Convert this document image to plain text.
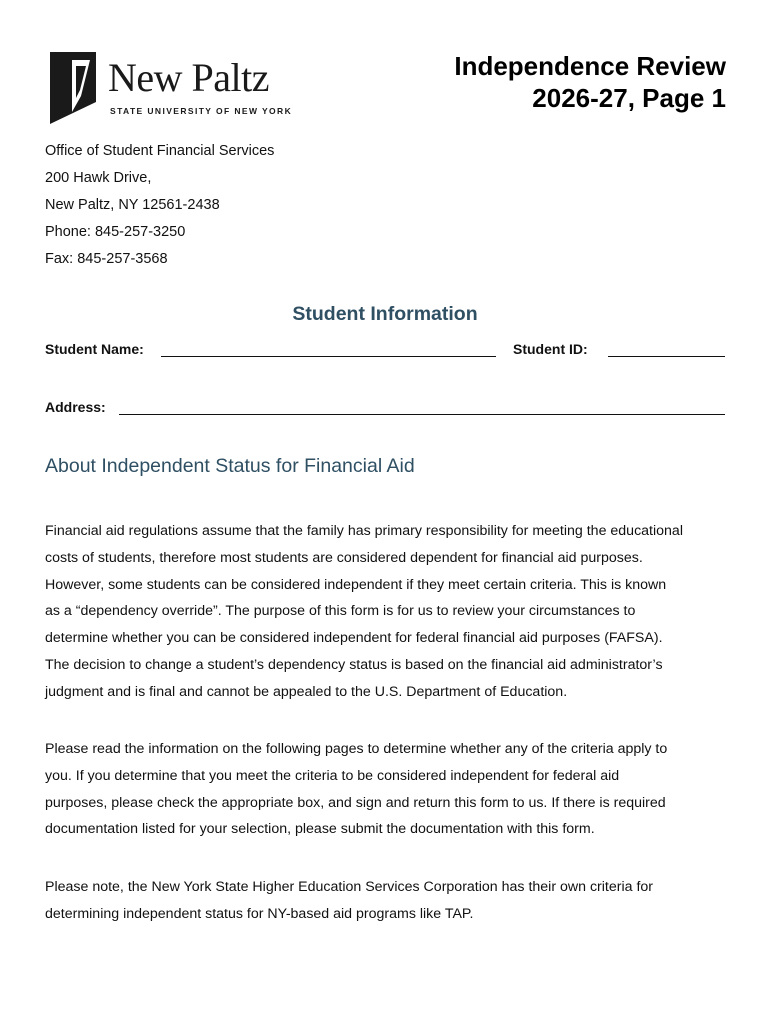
New Paltz
STATE UNIVERSITY OF NEW YORK
Independence Review
2026-27, Page 1
Office of Student Financial Services
200 Hawk Drive,
New Paltz, NY 12561-2438
Phone: 845-257-3250
Fax: 845-257-3568
Student Information
Student Name:	Student ID:
Address:
About Independent Status for Financial Aid
Financial aid regulations assume that the family has primary responsibility for meeting the educational
costs of students, therefore most students are considered dependent for financial aid purposes.
However, some students can be considered independent if they meet certain criteria. This is known
as a “dependency override”. The purpose of this form is for us to review your circumstances to
determine whether you can be considered independent for federal financial aid purposes (FAFSA).
The decision to change a student’s dependency status is based on the financial aid administrator’s
judgment and is final and cannot be appealed to the U.S. Department of Education.
Please read the information on the following pages to determine whether any of the criteria apply to
you. If you determine that you meet the criteria to be considered independent for federal aid
purposes, please check the appropriate box, and sign and return this form to us. If there is required
documentation listed for your selection, please submit the documentation with this form.
Please note, the New York State Higher Education Services Corporation has their own criteria for
determining independent status for NY-based aid programs like TAP.
